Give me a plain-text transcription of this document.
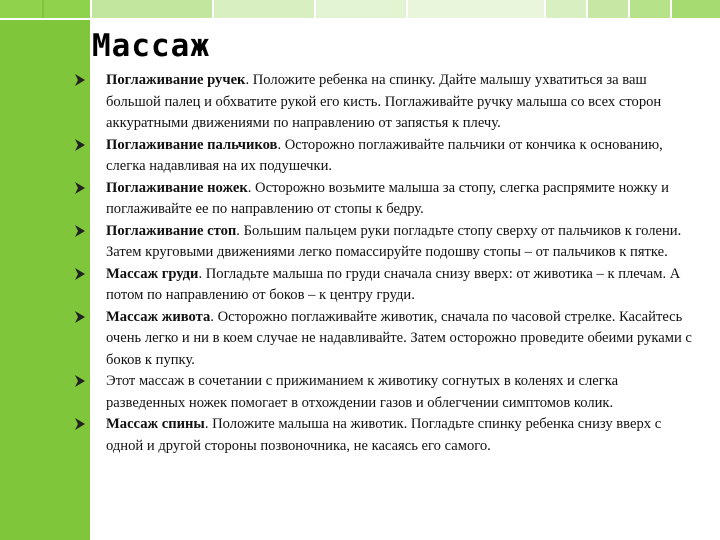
Массаж
Поглаживание ручек. Положите ребенка на спинку. Дайте малышу ухватиться за ваш большой палец и обхватите рукой его кисть. Поглаживайте ручку малыша со всех сторон аккуратными движениями по направлению от запястья к плечу.
Поглаживание пальчиков. Осторожно поглаживайте пальчики от кончика к основанию, слегка надавливая на их подушечки.
Поглаживание ножек. Осторожно возьмите малыша за стопу, слегка распрямите ножку и поглаживайте ее по направлению от стопы к бедру.
Поглаживание стоп. Большим пальцем руки погладьте стопу сверху от пальчиков к голени. Затем круговыми движениями легко помассируйте подошву стопы – от пальчиков к пятке.
Массаж груди. Погладьте малыша по груди сначала снизу вверх: от животика – к плечам. А потом по направлению от боков – к центру груди.
Массаж живота. Осторожно поглаживайте животик, сначала по часовой стрелке. Касайтесь очень легко и ни в коем случае не надавливайте. Затем осторожно проведите обеими руками с боков к пупку.
Этот массаж в сочетании с прижиманием к животику согнутых в коленях и слегка разведенных ножек помогает в отхождении газов и облегчении симптомов колик.
Массаж спины. Положите малыша на животик. Погладьте спинку ребенка снизу вверх с одной и другой стороны позвоночника, не касаясь его самого.
